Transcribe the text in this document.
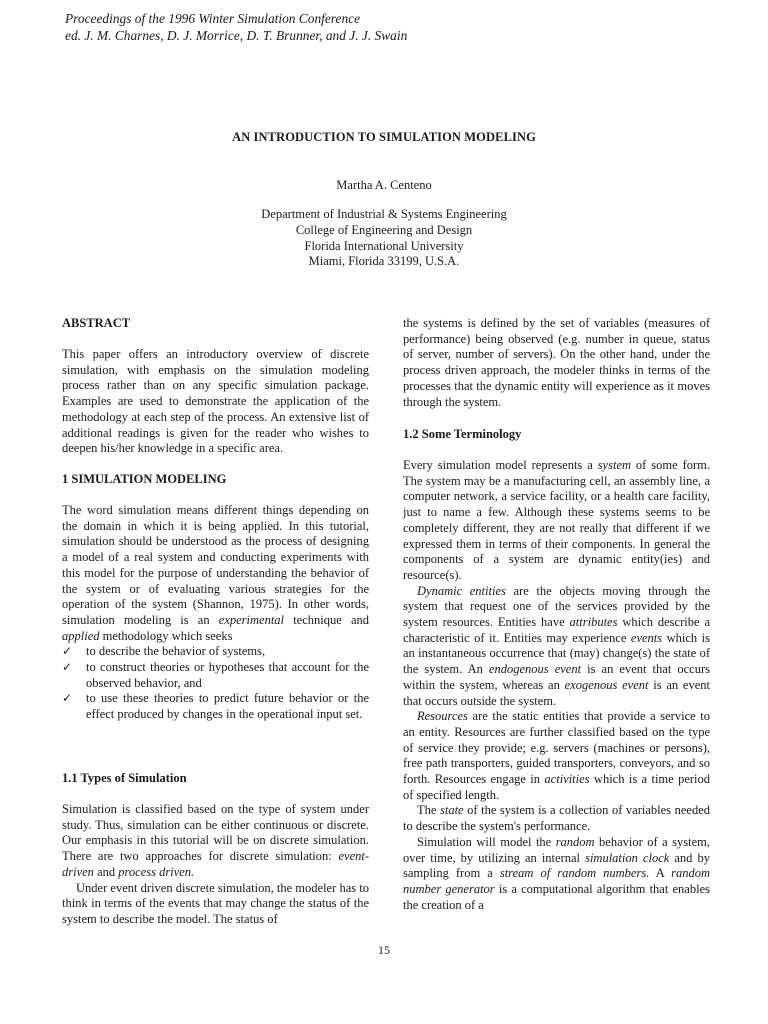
Proceedings of the 1996 Winter Simulation Conference
ed. J. M. Charnes, D. J. Morrice, D. T. Brunner, and J. J. Swain
AN INTRODUCTION TO SIMULATION MODELING
Martha A. Centeno
Department of Industrial & Systems Engineering
College of Engineering and Design
Florida International University
Miami, Florida 33199, U.S.A.
ABSTRACT

This paper offers an introductory overview of discrete simulation, with emphasis on the simulation modeling process rather than on any specific simulation package. Examples are used to demonstrate the application of the methodology at each step of the process. An extensive list of additional readings is given for the reader who wishes to deepen his/her knowledge in a specific area.

1 SIMULATION MODELING

The word simulation means different things depending on the domain in which it is being applied. In this tutorial, simulation should be understood as the process of designing a model of a real system and conducting experiments with this model for the purpose of understanding the behavior of the system or of evaluating various strategies for the operation of the system (Shannon, 1975). In other words, simulation modeling is an experimental technique and applied methodology which seeks

✓	to describe the behavior of systems,

✓	to construct theories or hypotheses that account for the observed behavior, and

✓	to use these theories to predict future behavior or the effect produced by changes in the operational input set.

1.1 Types of Simulation

Simulation is classified based on the type of system under study. Thus, simulation can be either continuous or discrete. Our emphasis in this tutorial will be on discrete simulation. There are two approaches for discrete simulation: event-driven and process driven.

Under event driven discrete simulation, the modeler has to think in terms of the events that may change the status of the system to describe the model. The status of

the systems is defined by the set of variables (measures of performance) being observed (e.g. number in queue, status of server, number of servers). On the other hand, under the process driven approach, the modeler thinks in terms of the processes that the dynamic entity will experience as it moves through the system.

1.2 Some Terminology

Every simulation model represents a system of some form. The system may be a manufacturing cell, an assembly line, a computer network, a service facility, or a health care facility, just to name a few. Although these systems seems to be completely different, they are not really that different if we expressed them in terms of their components. In general the components of a system are dynamic entity(ies) and resource(s).

Dynamic entities are the objects moving through the system that request one of the services provided by the system resources. Entities have attributes which describe a characteristic of it. Entities may experience events which is an instantaneous occurrence that (may) change(s) the state of the system. An endogenous event is an event that occurs within the system, whereas an exogenous event is an event that occurs outside the system.

Resources are the static entities that provide a service to an entity. Resources are further classified based on the type of service they provide; e.g. servers (machines or persons), free path transporters, guided transporters, conveyors, and so forth. Resources engage in activities which is a time period of specified length.

The state of the system is a collection of variables needed to describe the system's performance.

Simulation will model the random behavior of a system, over time, by utilizing an internal simulation clock and by sampling from a stream of random numbers. A random number generator is a computational algorithm that enables the creation of a

15
